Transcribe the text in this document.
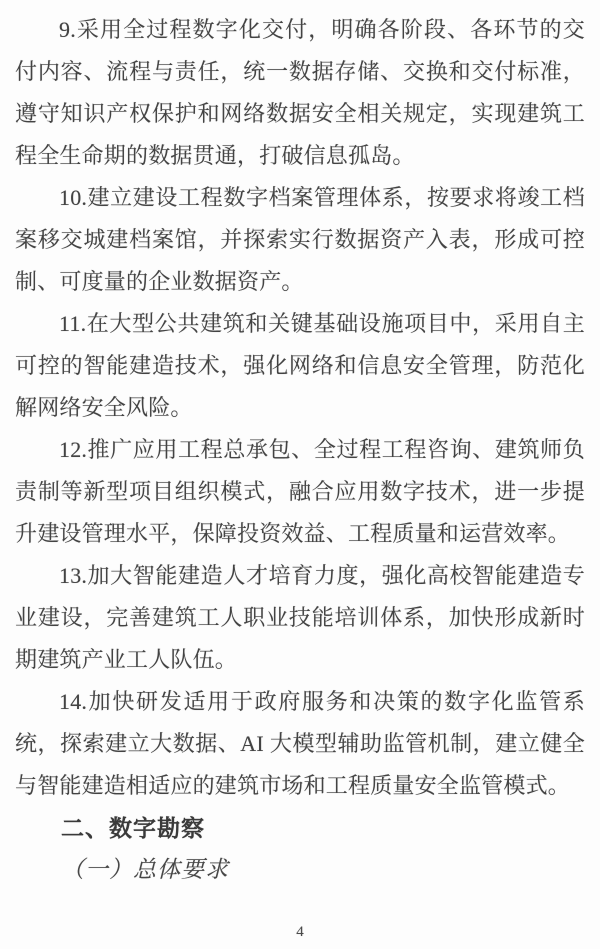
9.采用全过程数字化交付，明确各阶段、各环节的交付内容、流程与责任，统一数据存储、交换和交付标准，遵守知识产权保护和网络数据安全相关规定，实现建筑工程全生命期的数据贯通，打破信息孤岛。

10.建立建设工程数字档案管理体系，按要求将竣工档案移交城建档案馆，并探索实行数据资产入表，形成可控制、可度量的企业数据资产。

11.在大型公共建筑和关键基础设施项目中，采用自主可控的智能建造技术，强化网络和信息安全管理，防范化解网络安全风险。

12.推广应用工程总承包、全过程工程咨询、建筑师负责制等新型项目组织模式，融合应用数字技术，进一步提升建设管理水平，保障投资效益、工程质量和运营效率。

13.加大智能建造人才培育力度，强化高校智能建造专业建设，完善建筑工人职业技能培训体系，加快形成新时期建筑产业工人队伍。

14.加快研发适用于政府服务和决策的数字化监管系统，探索建立大数据、AI 大模型辅助监管机制，建立健全与智能建造相适应的建筑市场和工程质量安全监管模式。

二、数字勘察
（一）总体要求
4
